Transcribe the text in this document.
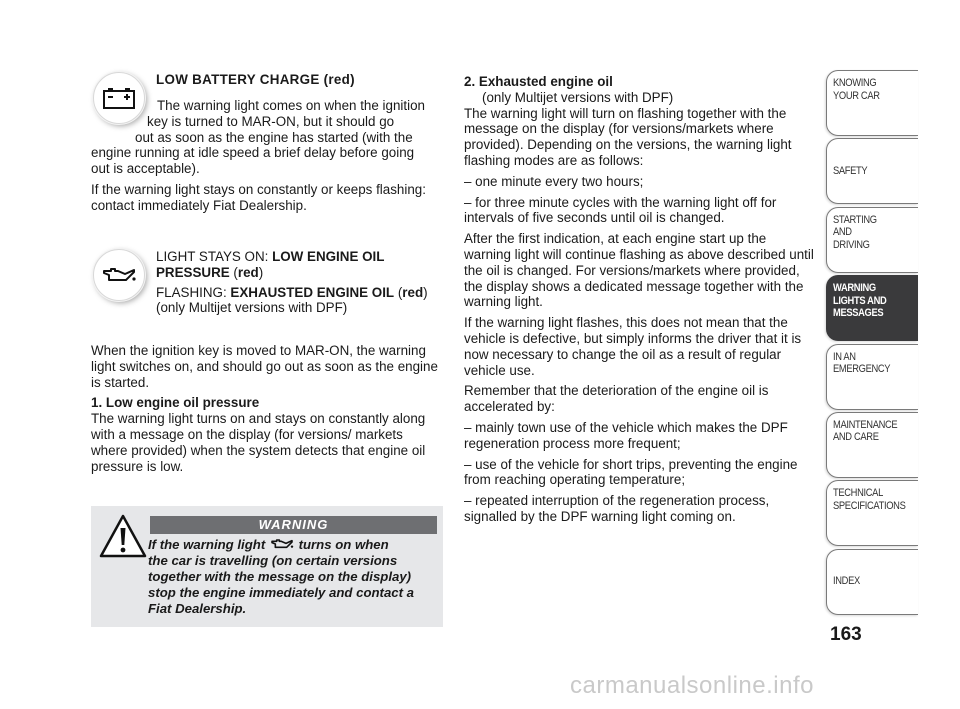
LOW BATTERY CHARGE (red)
The warning light comes on when the ignition
key is turned to MAR-ON, but it should go
out as soon as the engine has started (with the
engine running at idle speed a brief delay before going
out is acceptable).
If the warning light stays on constantly or keeps flashing: contact immediately Fiat Dealership.
LIGHT STAYS ON: LOW ENGINE OIL PRESSURE (red)
FLASHING: EXHAUSTED ENGINE OIL (red)
(only Multijet versions with DPF)
When the ignition key is moved to MAR-ON, the warning light switches on, and should go out as soon as the engine is started.
1. Low engine oil pressure
The warning light turns on and stays on constantly along with a message on the display (for versions/ markets where provided) when the system detects that engine oil pressure is low.
WARNING
If the warning light	turns on when
the car is travelling (on certain versions together with the message on the display) stop the engine immediately and contact a Fiat Dealership.
2. Exhausted engine oil
(only Multijet versions with DPF)
The warning light will turn on flashing together with the message on the display (for versions/markets where provided). Depending on the versions, the warning light flashing modes are as follows:
– one minute every two hours;
– for three minute cycles with the warning light off for intervals of five seconds until oil is changed.
After the first indication, at each engine start up the warning light will continue flashing as above described until the oil is changed. For versions/markets where provided, the display shows a dedicated message together with the warning light.
If the warning light flashes, this does not mean that the vehicle is defective, but simply informs the driver that it is now necessary to change the oil as a result of regular vehicle use.
Remember that the deterioration of the engine oil is accelerated by:
– mainly town use of the vehicle which makes the DPF regeneration process more frequent;
– use of the vehicle for short trips, preventing the engine from reaching operating temperature;
– repeated interruption of the regeneration process, signalled by the DPF warning light coming on.
KNOWING
YOUR CAR
SAFETY
STARTING
AND
DRIVING
WARNING
LIGHTS AND
MESSAGES
IN AN
EMERGENCY
MAINTENANCE
AND CARE
TECHNICAL
SPECIFICATIONS
INDEX
163
carmanualsonline.info
